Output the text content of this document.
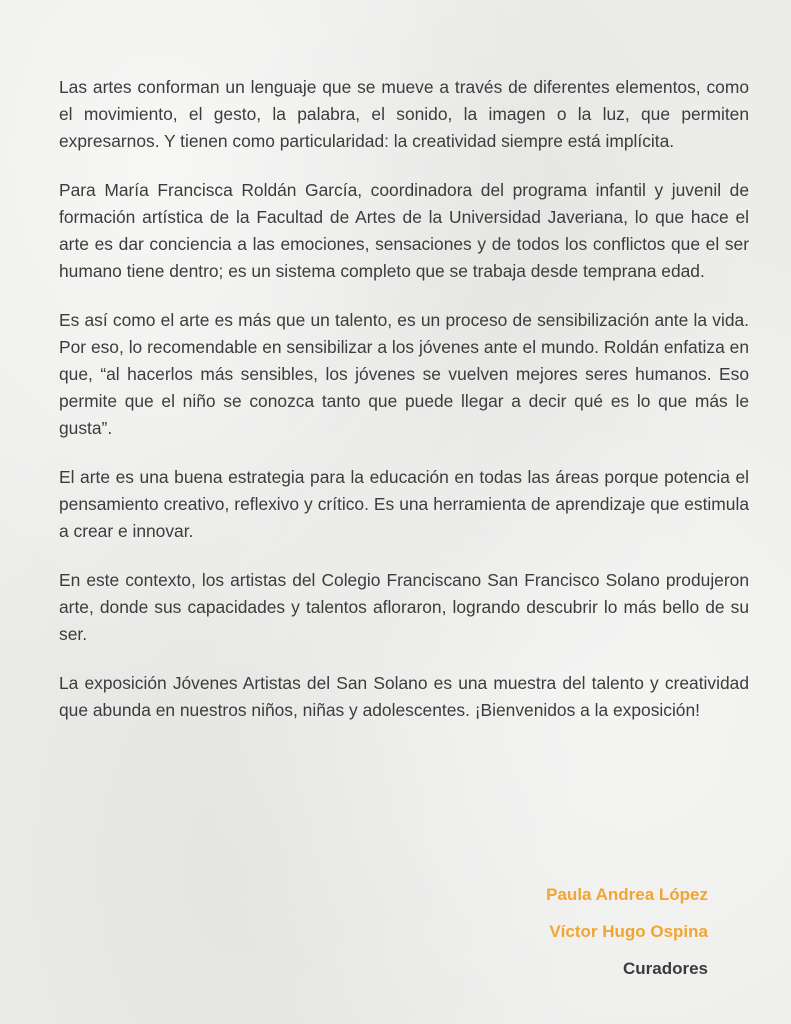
Las artes conforman un lenguaje que se mueve a través de diferentes elementos, como el movimiento, el gesto, la palabra, el sonido, la imagen o la luz, que permiten expresarnos. Y tienen como particularidad: la creatividad siempre está implícita.

Para María Francisca Roldán García, coordinadora del programa infantil y juvenil de formación artística de la Facultad de Artes de la Universidad Javeriana, lo que hace el arte es dar conciencia a las emociones, sensaciones y de todos los conflictos que el ser humano tiene dentro; es un sistema completo que se trabaja desde temprana edad.

Es así como el arte es más que un talento, es un proceso de sensibilización ante la vida. Por eso, lo recomendable en sensibilizar a los jóvenes ante el mundo. Roldán enfatiza en que, “al hacerlos más sensibles, los jóvenes se vuelven mejores seres humanos. Eso permite que el niño se conozca tanto que puede llegar a decir qué es lo que más le gusta”.

El arte es una buena estrategia para la educación en todas las áreas porque potencia el pensamiento creativo, reflexivo y crítico. Es una herramienta de aprendizaje que estimula a crear e innovar.

En este contexto, los artistas del Colegio Franciscano San Francisco Solano produjeron arte, donde sus capacidades y talentos afloraron, logrando descubrir lo más bello de su ser.

La exposición Jóvenes Artistas del San Solano es una muestra del talento y creatividad que abunda en nuestros niños, niñas y adolescentes. ¡Bienvenidos a la exposición!

Paula Andrea López
Víctor Hugo Ospina
Curadores
